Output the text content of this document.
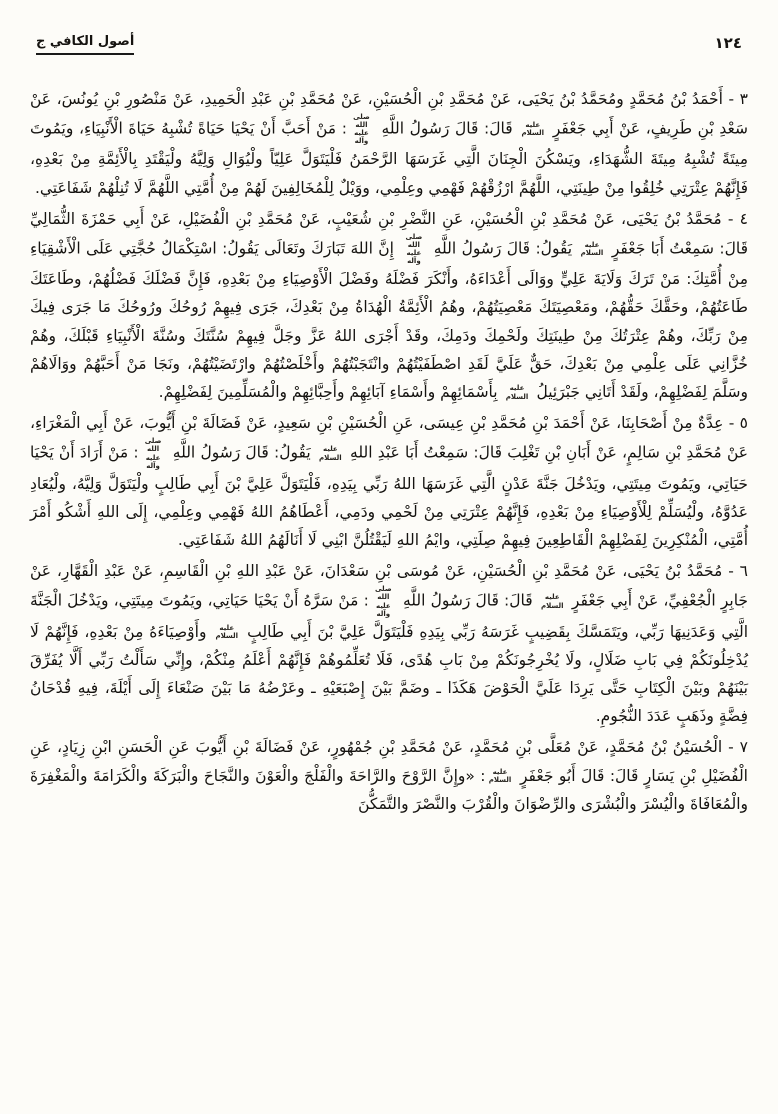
١٢٤
أصول الكافي ج

٣ - أَحْمَدُ بْنُ مُحَمَّدٍ ومُحَمَّدُ بْنُ يَحْيَى، عَنْ مُحَمَّدِ بْنِ الْحُسَيْنِ، عَنْ مُحَمَّدِ بْنِ عَبْدِ الْحَمِيدِ، عَنْ مَنْصُورِ بْنِ يُونُسَ، عَنْ سَعْدِ بْنِ طَرِيفٍ، عَنْ أَبِي جَعْفَرٍ عليه السلام قَالَ: قَالَ رَسُولُ اللَّهِ صلى الله عليه وآله: مَنْ أَحَبَّ أَنْ يَحْيَا حَيَاةً تُشْبِهُ حَيَاةَ الْأَنْبِيَاءِ، ويَمُوتَ مِيتَةً تُشْبِهُ مِيتَةَ الشُّهَدَاءِ، ويَسْكُنَ الْجِنَانَ الَّتِي غَرَسَهَا الرَّحْمَنُ فَلْيَتَوَلَّ عَلِيّاً ولْيُوَالِ وَلِيَّهُ ولْيَقْتَدِ بِالْأَئِمَّةِ مِنْ بَعْدِهِ، فَإِنَّهُمْ عِتْرَتِي خُلِقُوا مِنْ طِينَتِي، اللَّهُمَّ ارْزُقْهُمْ فَهْمِي وعِلْمِي، ووَيْلٌ لِلْمُخَالِفِينَ لَهُمْ مِنْ أُمَّتِي اللَّهُمَّ لَا تُنِلْهُمْ شَفَاعَتِي.

٤ - مُحَمَّدُ بْنُ يَحْيَى، عَنْ مُحَمَّدِ بْنِ الْحُسَيْنِ، عَنِ النَّضْرِ بْنِ شُعَيْبٍ، عَنْ مُحَمَّدِ بْنِ الْفُضَيْلِ، عَنْ أَبِي حَمْزَةَ الثُّمَالِيِّ قَالَ: سَمِعْتُ أَبَا جَعْفَرٍ عليه السلام يَقُولُ: قَالَ رَسُولُ اللَّهِ صلى الله عليه وآله إِنَّ اللهَ تَبَارَكَ وتَعَالَى يَقُولُ: اسْتِكْمَالُ حُجَّتِي عَلَى الْأَشْقِيَاءِ مِنْ أُمَّتِكَ: مَنْ تَرَكَ وَلَايَةَ عَلِيٍّ ووَالَى أَعْدَاءَهُ، وأَنْكَرَ فَضْلَهُ وفَضْلَ الْأَوْصِيَاءِ مِنْ بَعْدِهِ، فَإِنَّ فَضْلَكَ فَضْلُهُمْ، وطَاعَتَكَ طَاعَتُهُمْ، وحَقَّكَ حَقُّهُمْ، ومَعْصِيَتَكَ مَعْصِيَتُهُمْ، وهُمُ الْأَئِمَّةُ الْهُدَاةُ مِنْ بَعْدِكَ، جَرَى فِيهِمْ رُوحُكَ ورُوحُكَ مَا جَرَى فِيكَ مِنْ رَبِّكَ، وهُمْ عِتْرَتُكَ مِنْ طِينَتِكَ ولَحْمِكَ ودَمِكَ، وقَدْ أَجْرَى اللهُ عَزَّ وجَلَّ فِيهِمْ سُنَّتَكَ وسُنَّةَ الْأَنْبِيَاءِ قَبْلَكَ، وهُمْ خُزَّانِي عَلَى عِلْمِي مِنْ بَعْدِكَ، حَقٌّ عَلَيَّ لَقَدِ اصْطَفَيْتُهُمْ وانْتَجَبْتُهُمْ وأَخْلَصْتُهُمْ وارْتَضَيْتُهُمْ، ونَجَا مَنْ أَحَبَّهُمْ ووَالَاهُمْ وسَلَّمَ لِفَضْلِهِمْ، ولَقَدْ أَتَانِي جَبْرَئِيلُ عليه السلام بِأَسْمَائِهِمْ وأَسْمَاءِ آبَائِهِمْ وأَحِبَّائِهِمْ والْمُسَلِّمِينَ لِفَضْلِهِمْ.

٥ - عِدَّةٌ مِنْ أَصْحَابِنَا، عَنْ أَحْمَدَ بْنِ مُحَمَّدِ بْنِ عِيسَى، عَنِ الْحُسَيْنِ بْنِ سَعِيدٍ، عَنْ فَضَالَةَ بْنِ أَيُّوبَ، عَنْ أَبِي الْمَغْرَاءِ، عَنْ مُحَمَّدِ بْنِ سَالِمٍ، عَنْ أَبَانِ بْنِ تَغْلِبَ قَالَ: سَمِعْتُ أَبَا عَبْدِ اللهِ عليه السلام يَقُولُ: قَالَ رَسُولُ اللَّهِ صلى الله عليه وآله: مَنْ أَرَادَ أَنْ يَحْيَا حَيَاتِي، ويَمُوتَ مِيتَتِي، ويَدْخُلَ جَنَّةَ عَدْنٍ الَّتِي غَرَسَهَا اللهُ رَبِّي بِيَدِهِ، فَلْيَتَوَلَّ عَلِيَّ بْنَ أَبِي طَالِبٍ ولْيَتَوَلَّ وَلِيَّهُ، ولْيُعَادِ عَدُوَّهُ، ولْيُسَلِّمْ لِلْأَوْصِيَاءِ مِنْ بَعْدِهِ، فَإِنَّهُمْ عِتْرَتِي مِنْ لَحْمِي ودَمِي، أَعْطَاهُمُ اللهُ فَهْمِي وعِلْمِي، إِلَى اللهِ أَشْكُو أَمْرَ أُمَّتِي، الْمُنْكِرِينَ لِفَضْلِهِمْ الْقَاطِعِينَ فِيهِمْ صِلَتِي، وايْمُ اللهِ لَيَقْتُلُنَّ ابْنِي لَا أَنَالَهُمُ اللهُ شَفَاعَتِي.

٦ - مُحَمَّدُ بْنُ يَحْيَى، عَنْ مُحَمَّدِ بْنِ الْحُسَيْنِ، عَنْ مُوسَى بْنِ سَعْدَانَ، عَنْ عَبْدِ اللهِ بْنِ الْقَاسِمِ، عَنْ عَبْدِ الْقَهَّارِ، عَنْ جَابِرٍ الْجُعْفِيِّ، عَنْ أَبِي جَعْفَرٍ عليه السلام قَالَ: قَالَ رَسُولُ اللَّهِ صلى الله عليه وآله: مَنْ سَرَّهُ أَنْ يَحْيَا حَيَاتِي، ويَمُوتَ مِيتَتِي، ويَدْخُلَ الْجَنَّةَ الَّتِي وَعَدَنِيهَا رَبِّي، ويَتَمَسَّكَ بِقَضِيبٍ غَرَسَهُ رَبِّي بِيَدِهِ فَلْيَتَوَلَّ عَلِيَّ بْنَ أَبِي طَالِبٍ عليه السلام وأَوْصِيَاءَهُ مِنْ بَعْدِهِ، فَإِنَّهُمْ لَا يُدْخِلُونَكُمْ فِي بَابِ ضَلَالٍ، ولَا يُخْرِجُونَكُمْ مِنْ بَابِ هُدًى، فَلَا تُعَلِّمُوهُمْ فَإِنَّهُمْ أَعْلَمُ مِنْكُمْ، وإِنِّي سَأَلْتُ رَبِّي أَلَّا يُفَرِّقَ بَيْنَهُمْ وبَيْنَ الْكِتَابِ حَتَّى يَرِدَا عَلَيَّ الْحَوْضَ هَكَذَا ـ وضَمَّ بَيْنَ إِصْبَعَيْهِ ـ وعَرْضُهُ مَا بَيْنَ صَنْعَاءَ إِلَى أَيْلَةَ، فِيهِ قُدْحَانُ فِضَّةٍ وذَهَبٍ عَدَدَ النُّجُومِ.

٧ - الْحُسَيْنُ بْنُ مُحَمَّدٍ، عَنْ مُعَلَّى بْنِ مُحَمَّدٍ، عَنْ مُحَمَّدِ بْنِ جُمْهُورٍ، عَنْ فَضَالَةَ بْنِ أَيُّوبَ عَنِ الْحَسَنِ ابْنِ زِيَادٍ، عَنِ الْفُضَيْلِ بْنِ يَسَارٍ قَالَ: قَالَ أَبُو جَعْفَرٍ عليه السلام: «وإِنَّ الرَّوْحَ والرَّاحَةَ والْفَلْجَ والْعَوْنَ والنَّجَاحَ والْبَرَكَةَ والْكَرَامَةَ والْمَغْفِرَةَ والْمُعَافَاةَ والْيُسْرَ والْبُشْرَى والرِّضْوَانَ والْقُرْبَ والنَّصْرَ والتَّمَكُّنَ
